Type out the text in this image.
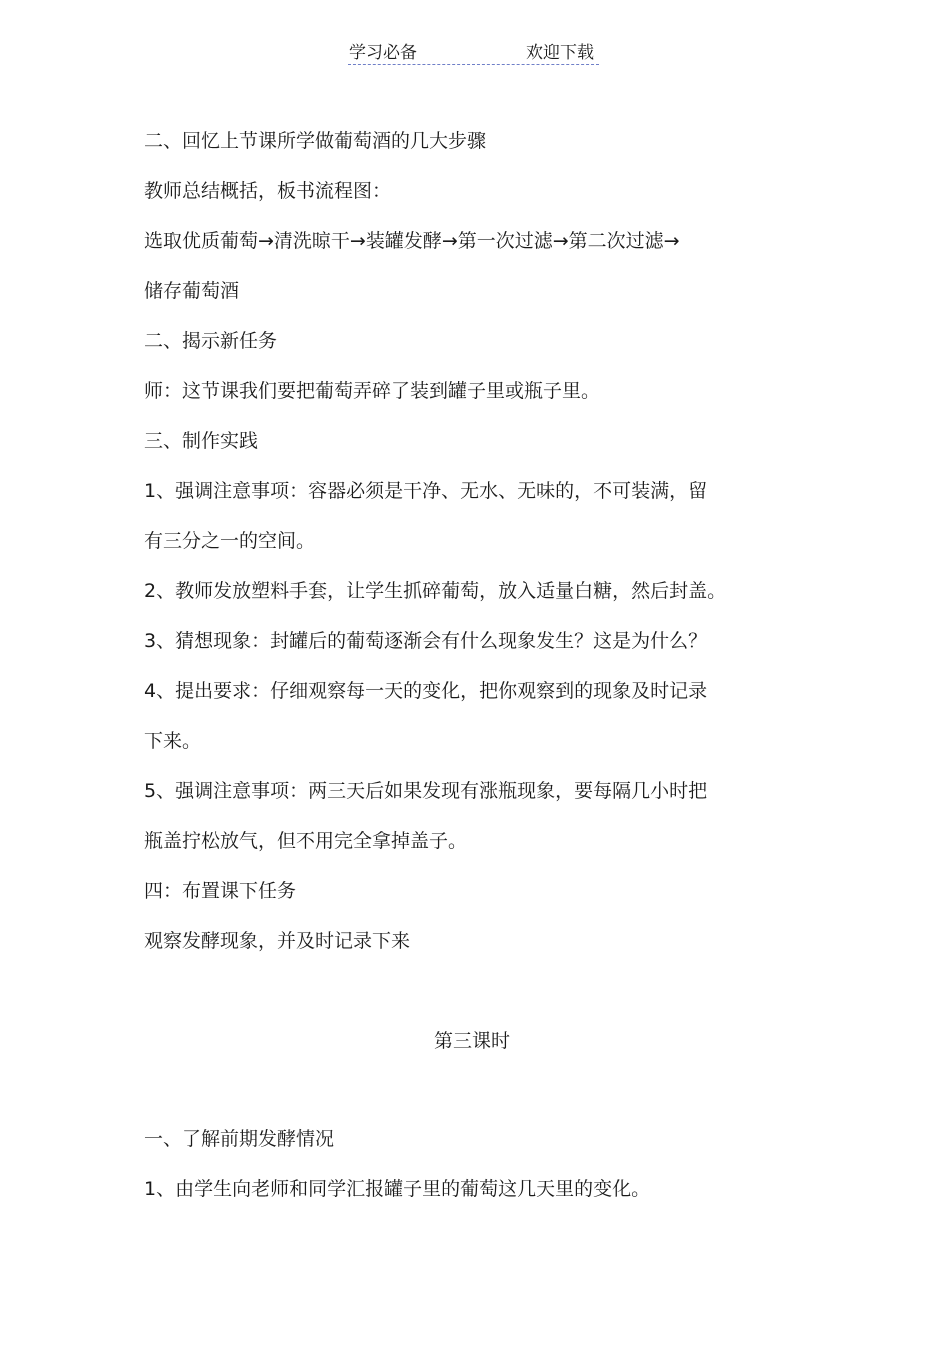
学习必备	欢迎下载
二、回忆上节课所学做葡萄酒的几大步骤
教师总结概括，板书流程图：
选取优质葡萄→清洗晾干→装罐发酵→第一次过滤→第二次过滤→
储存葡萄酒
二、揭示新任务
师：这节课我们要把葡萄弄碎了装到罐子里或瓶子里。
三、制作实践
1、强调注意事项：容器必须是干净、无水、无味的，不可装满，留
有三分之一的空间。
2、教师发放塑料手套，让学生抓碎葡萄，放入适量白糖，然后封盖。
3、猜想现象：封罐后的葡萄逐渐会有什么现象发生？这是为什么？
4、提出要求：仔细观察每一天的变化，把你观察到的现象及时记录
下来。
5、强调注意事项：两三天后如果发现有涨瓶现象，要每隔几小时把
瓶盖拧松放气，但不用完全拿掉盖子。
四：布置课下任务
观察发酵现象，并及时记录下来
第三课时
一、了解前期发酵情况
1、由学生向老师和同学汇报罐子里的葡萄这几天里的变化。
